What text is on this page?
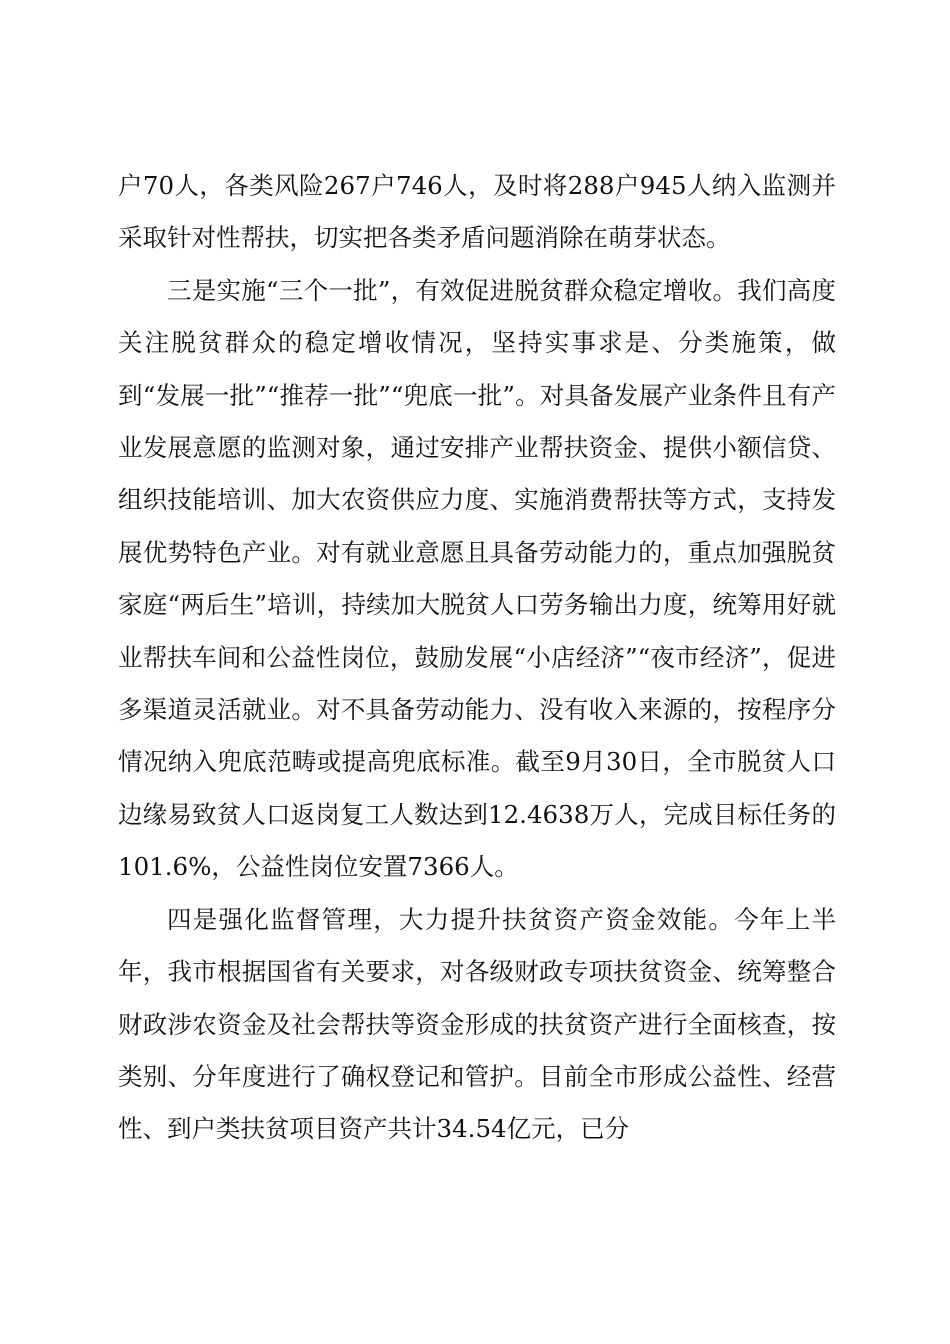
户70人，各类风险267户746人，及时将288户945人纳入监测并采取针对性帮扶，切实把各类矛盾问题消除在萌芽状态。

三是实施“三个一批”，有效促进脱贫群众稳定增收。我们高度关注脱贫群众的稳定增收情况，坚持实事求是、分类施策，做到“发展一批”“推荐一批”“兜底一批”。对具备发展产业条件且有产业发展意愿的监测对象，通过安排产业帮扶资金、提供小额信贷、组织技能培训、加大农资供应力度、实施消费帮扶等方式，支持发展优势特色产业。对有就业意愿且具备劳动能力的，重点加强脱贫家庭“两后生”培训，持续加大脱贫人口劳务输出力度，统筹用好就业帮扶车间和公益性岗位，鼓励发展“小店经济”“夜市经济”，促进多渠道灵活就业。对不具备劳动能力、没有收入来源的，按程序分情况纳入兜底范畴或提高兜底标准。截至9月30日，全市脱贫人口边缘易致贫人口返岗复工人数达到12.4638万人，完成目标任务的101.6%，公益性岗位安置7366人。

四是强化监督管理，大力提升扶贫资产资金效能。今年上半年，我市根据国省有关要求，对各级财政专项扶贫资金、统筹整合财政涉农资金及社会帮扶等资金形成的扶贫资产进行全面核查，按类别、分年度进行了确权登记和管护。目前全市形成公益性、经营性、到户类扶贫项目资产共计34.54亿元，已分
